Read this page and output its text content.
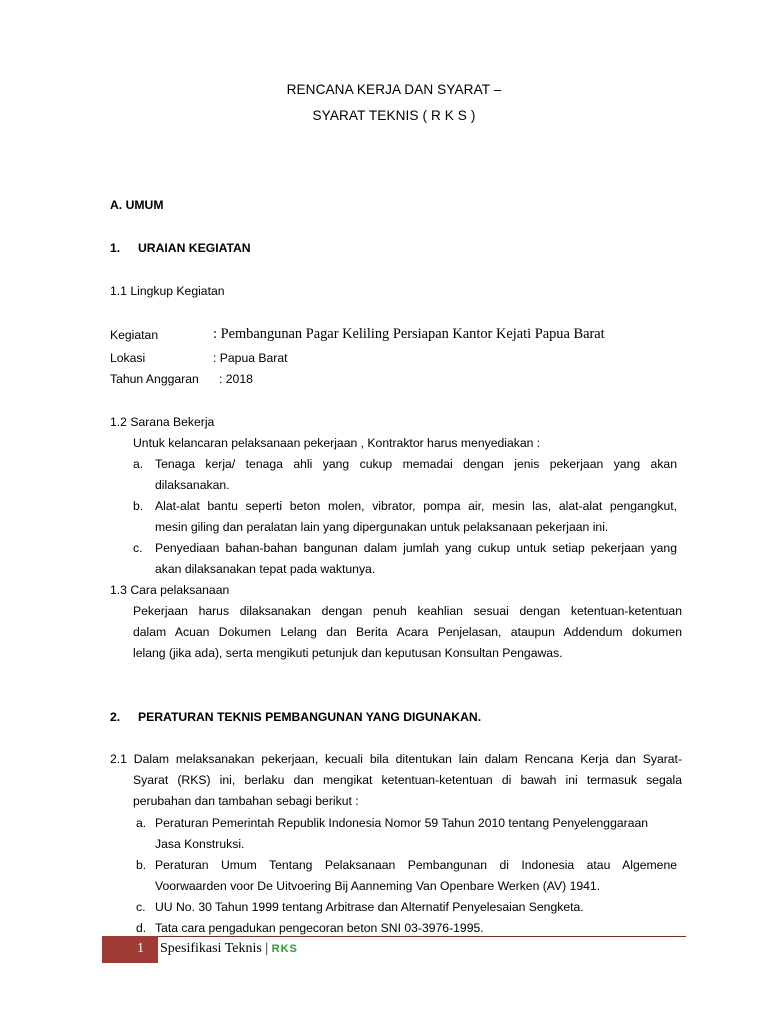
RENCANA KERJA DAN SYARAT –
SYARAT TEKNIS ( R K S )
A. UMUM
1. URAIAN KEGIATAN
1.1 Lingkup Kegiatan
Kegiatan	: Pembangunan Pagar Keliling Persiapan Kantor Kejati Papua Barat
Lokasi	: Papua Barat
Tahun Anggaran : 2018
1.2 Sarana Bekerja
Untuk kelancaran pelaksanaan pekerjaan , Kontraktor harus menyediakan :
a. Tenaga kerja/ tenaga ahli yang cukup memadai dengan jenis pekerjaan yang akan
dilaksanakan.
b. Alat-alat bantu seperti beton molen, vibrator, pompa air, mesin las, alat-alat pengangkut,
mesin giling dan peralatan lain yang dipergunakan untuk pelaksanaan pekerjaan ini.
c. Penyediaan bahan-bahan bangunan dalam jumlah yang cukup untuk setiap pekerjaan yang
akan dilaksanakan tepat pada waktunya.
1.3 Cara pelaksanaan
Pekerjaan harus dilaksanakan dengan penuh keahlian sesuai dengan ketentuan-ketentuan
dalam Acuan Dokumen Lelang dan Berita Acara Penjelasan, ataupun Addendum dokumen
lelang (jika ada), serta mengikuti petunjuk dan keputusan Konsultan Pengawas.
2. PERATURAN TEKNIS PEMBANGUNAN YANG DIGUNAKAN.
2.1 Dalam melaksanakan pekerjaan, kecuali bila ditentukan lain dalam Rencana Kerja dan Syarat-
Syarat (RKS) ini, berlaku dan mengikat ketentuan-ketentuan di bawah ini termasuk segala
perubahan dan tambahan sebagi berikut :
a. Peraturan Pemerintah Republik Indonesia Nomor 59 Tahun 2010 tentang Penyelenggaraan
Jasa Konstruksi.
b. Peraturan Umum Tentang Pelaksanaan Pembangunan di Indonesia atau Algemene
Voorwaarden voor De Uitvoering Bij Aanneming Van Openbare Werken (AV) 1941.
c. UU No. 30 Tahun 1999 tentang Arbitrase dan Alternatif Penyelesaian Sengketa.
d. Tata cara pengadukan pengecoran beton SNI 03-3976-1995.
1 Spesifikasi Teknis | RKS
